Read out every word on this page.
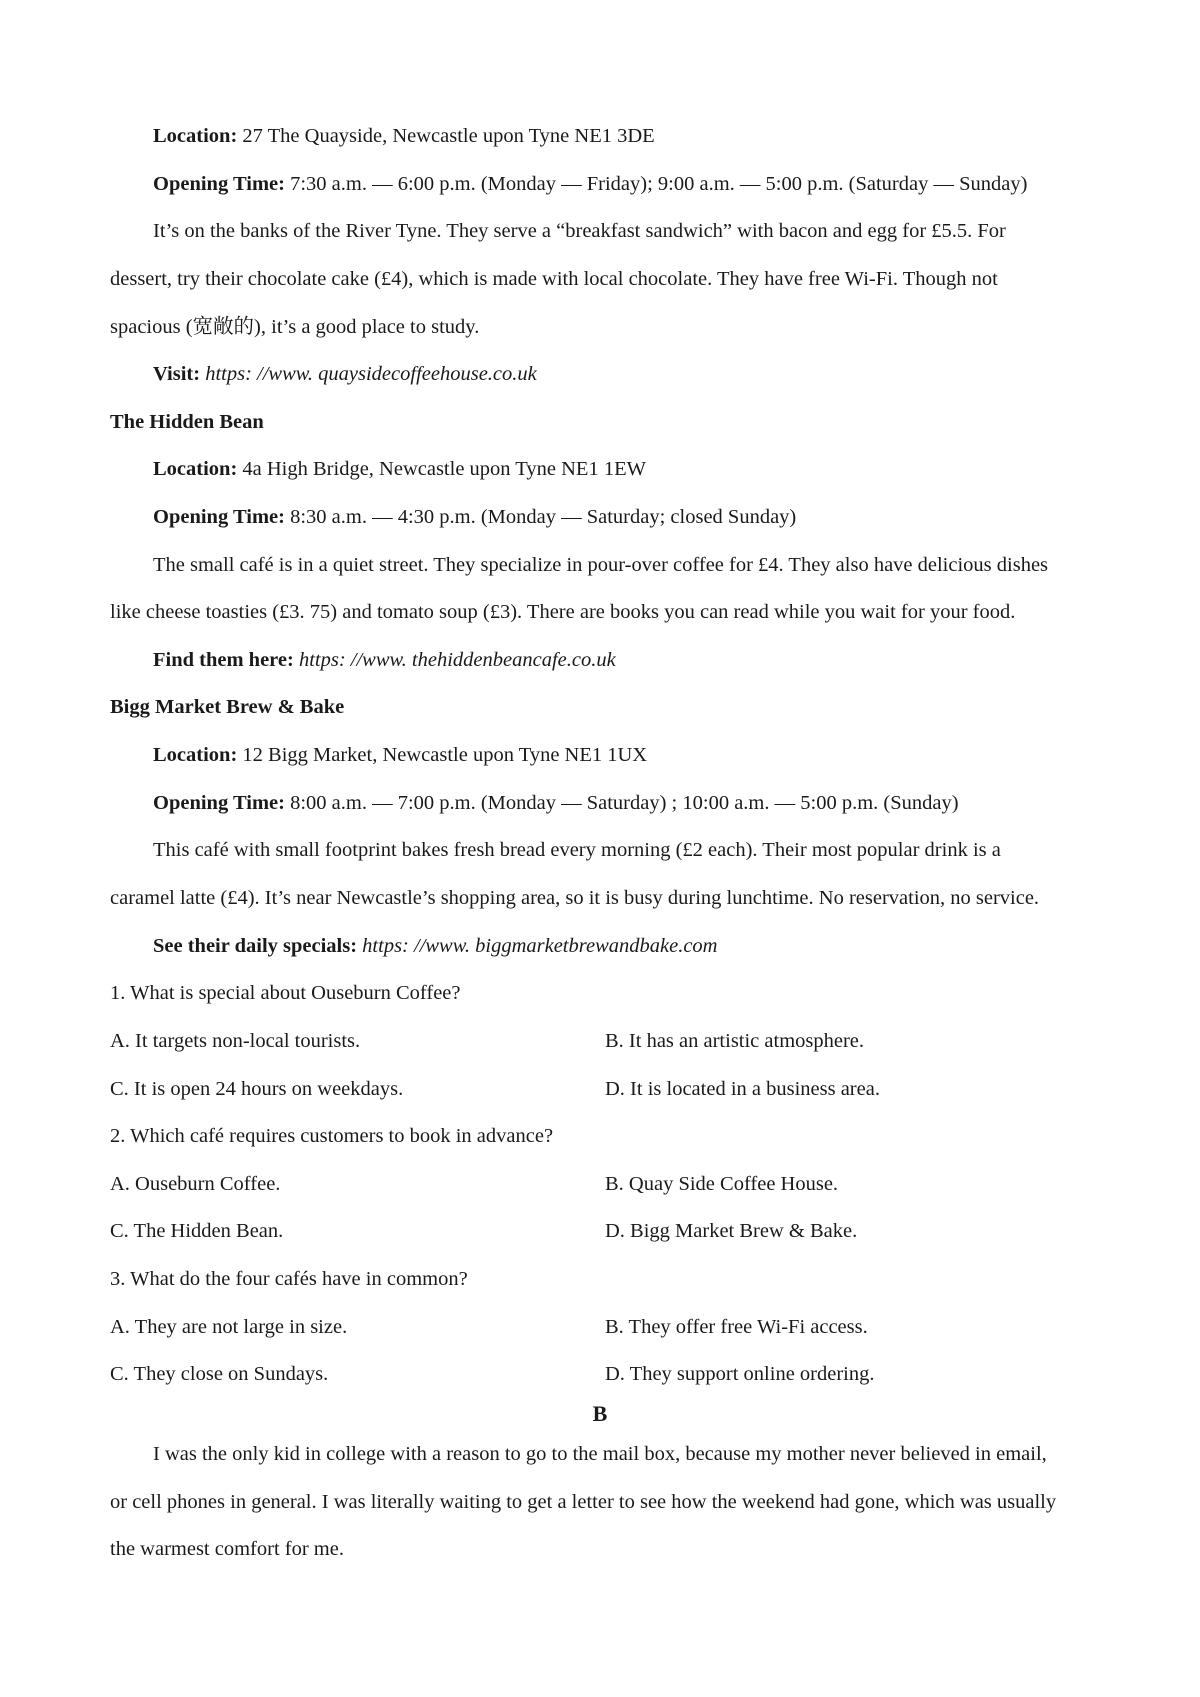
Location: 27 The Quayside, Newcastle upon Tyne NE1 3DE
Opening Time: 7:30 a.m. — 6:00 p.m. (Monday — Friday); 9:00 a.m. — 5:00 p.m. (Saturday — Sunday)
It’s on the banks of the River Tyne. They serve a “breakfast sandwich” with bacon and egg for £5.5. For
dessert, try their chocolate cake (£4), which is made with local chocolate. They have free Wi-Fi. Though not
spacious (宽敞的), it’s a good place to study.
Visit: https: //www. quaysidecoffeehouse.co.uk
The Hidden Bean
Location: 4a High Bridge, Newcastle upon Tyne NE1 1EW
Opening Time: 8:30 a.m. — 4:30 p.m. (Monday — Saturday; closed Sunday)
The small café is in a quiet street. They specialize in pour-over coffee for £4. They also have delicious dishes
like cheese toasties (£3. 75) and tomato soup (£3). There are books you can read while you wait for your food.
Find them here: https: //www. thehiddenbeancafe.co.uk
Bigg Market Brew & Bake
Location: 12 Bigg Market, Newcastle upon Tyne NE1 1UX
Opening Time: 8:00 a.m. — 7:00 p.m. (Monday — Saturday) ; 10:00 a.m. — 5:00 p.m. (Sunday)
This café with small footprint bakes fresh bread every morning (£2 each). Their most popular drink is a
caramel latte (£4). It’s near Newcastle’s shopping area, so it is busy during lunchtime. No reservation, no service.
See their daily specials: https: //www. biggmarketbrewandbake.com
1. What is special about Ouseburn Coffee?
A. It targets non-local tourists.	B. It has an artistic atmosphere.
C. It is open 24 hours on weekdays.	D. It is located in a business area.
2. Which café requires customers to book in advance?
A. Ouseburn Coffee.	B. Quay Side Coffee House.
C. The Hidden Bean.	D. Bigg Market Brew & Bake.
3. What do the four cafés have in common?
A. They are not large in size.	B. They offer free Wi-Fi access.
C. They close on Sundays.	D. They support online ordering.
B
I was the only kid in college with a reason to go to the mail box, because my mother never believed in email,
or cell phones in general. I was literally waiting to get a letter to see how the weekend had gone, which was usually
the warmest comfort for me.
